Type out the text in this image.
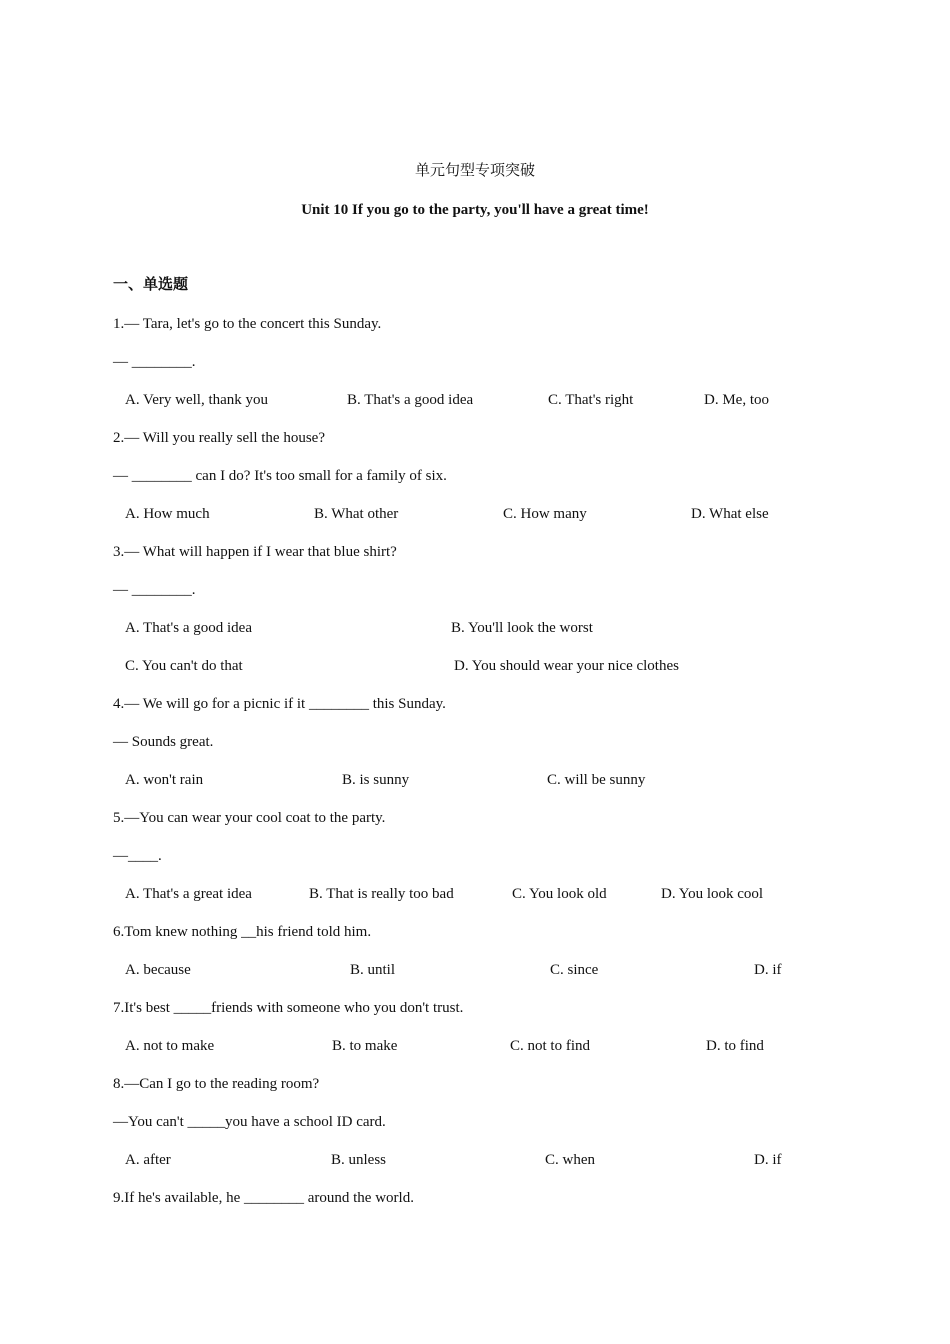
单元句型专项突破
Unit 10 If you go to the party, you'll have a great time!
一、单选题
1.— Tara, let's go to the concert this Sunday.
— ________.
A. Very well, thank you	B. That's a good idea	C. That's right	D. Me, too
2.— Will you really sell the house?
— ________ can I do? It's too small for a family of six.
A. How much	B. What other	C. How many	D. What else
3.— What will happen if I wear that blue shirt?
— ________.
A. That's a good idea	B. You'll look the worst
C. You can't do that	D. You should wear your nice clothes
4.— We will go for a picnic if it ________ this Sunday.
— Sounds great.
A. won't rain	B. is sunny	C. will be sunny
5.—You can wear your cool coat to the party.
—____.
A. That's a great idea	B. That is really too bad	C. You look old	D. You look cool
6.Tom knew nothing __his friend told him.
A. because	B. until	C. since	D. if
7.It's best _____friends with someone who you don't trust.
A. not to make	B. to make	C. not to find	D. to find
8.—Can I go to the reading room?
—You can't _____you have a school ID card.
A. after	B. unless	C. when	D. if
9.If he's available, he ________ around the world.
